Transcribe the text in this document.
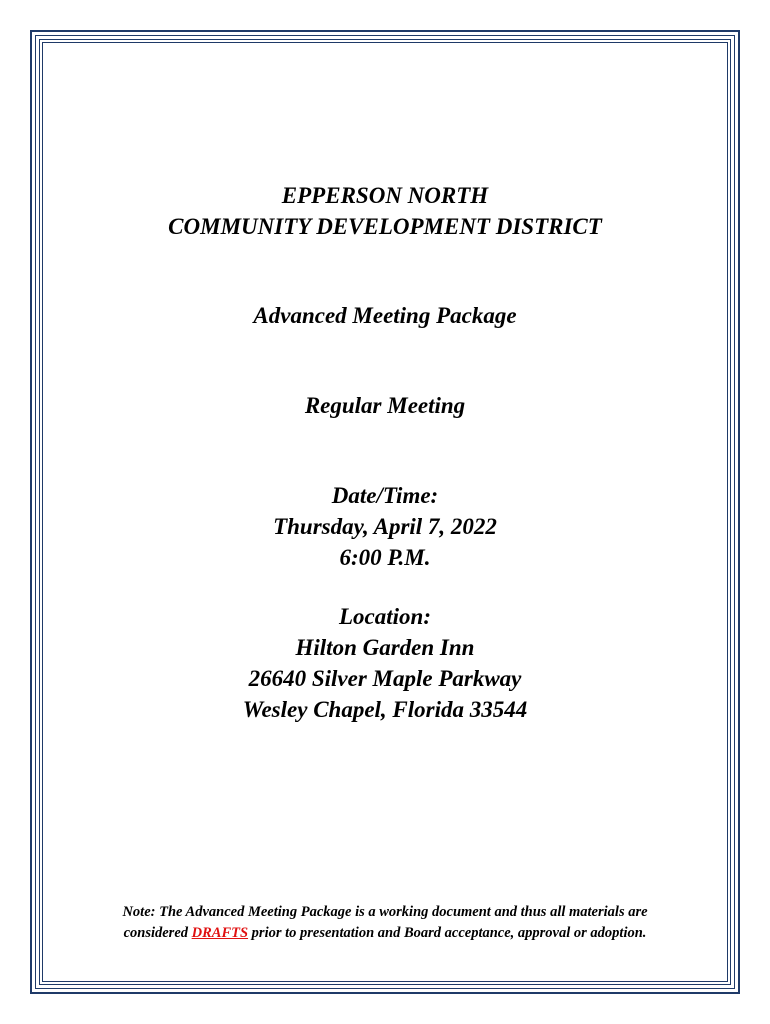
EPPERSON NORTH
COMMUNITY DEVELOPMENT DISTRICT
Advanced Meeting Package
Regular Meeting
Date/Time:
Thursday, April 7, 2022
6:00 P.M.
Location:
Hilton Garden Inn
26640 Silver Maple Parkway
Wesley Chapel, Florida 33544
Note: The Advanced Meeting Package is a working document and thus all materials are
considered DRAFTS prior to presentation and Board acceptance, approval or adoption.
